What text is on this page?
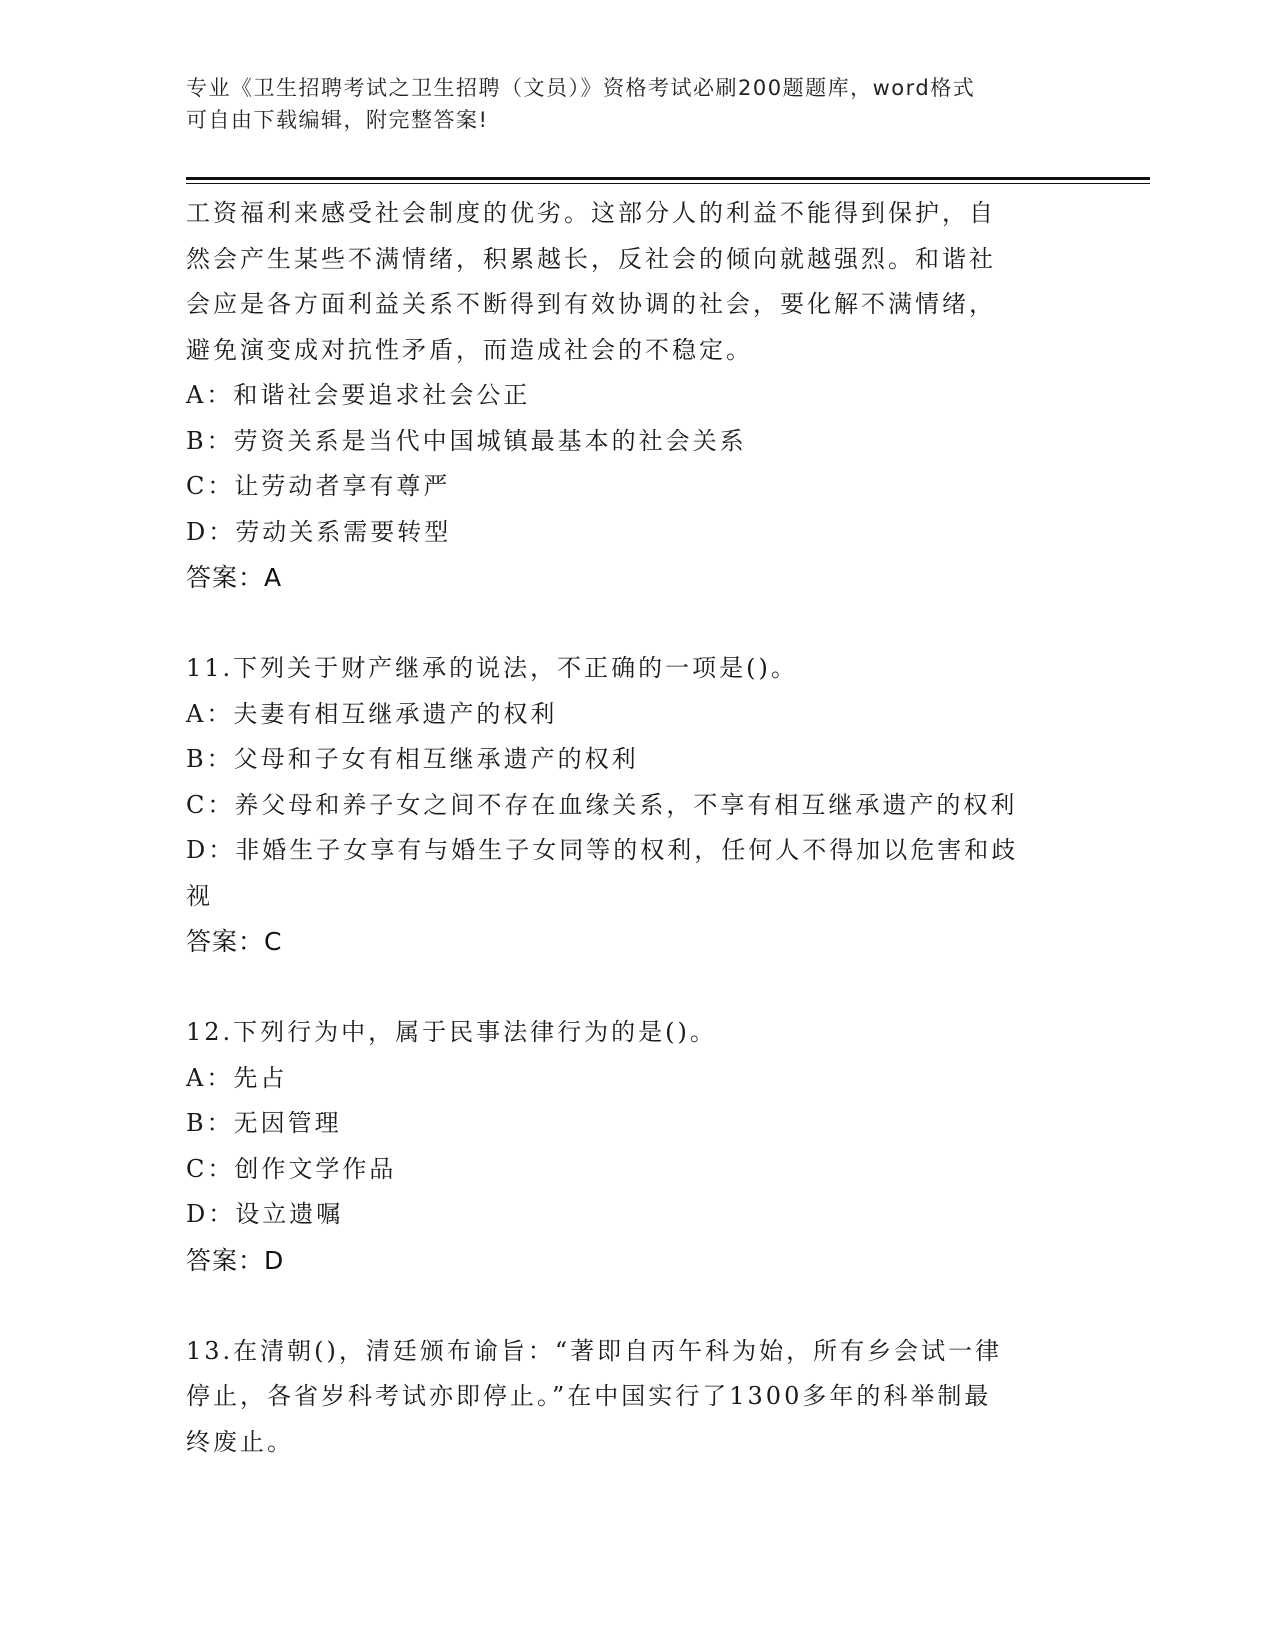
专业《卫生招聘考试之卫生招聘（文员）》资格考试必刷200题题库，word格式
可自由下载编辑，附完整答案!

工资福利来感受社会制度的优劣。这部分人的利益不能得到保护，自

然会产生某些不满情绪，积累越长，反社会的倾向就越强烈。和谐社

会应是各方面利益关系不断得到有效协调的社会，要化解不满情绪，

避免演变成对抗性矛盾，而造成社会的不稳定。

A：和谐社会要追求社会公正

B：劳资关系是当代中国城镇最基本的社会关系

C：让劳动者享有尊严

D：劳动关系需要转型

答案：A

11.下列关于财产继承的说法，不正确的一项是()。

A：夫妻有相互继承遗产的权利

B：父母和子女有相互继承遗产的权利

C：养父母和养子女之间不存在血缘关系，不享有相互继承遗产的权利

D：非婚生子女享有与婚生子女同等的权利，任何人不得加以危害和歧

视

答案：C

12.下列行为中，属于民事法律行为的是()。

A：先占

B：无因管理

C：创作文学作品

D：设立遗嘱

答案：D

13.在清朝()，清廷颁布谕旨：“著即自丙午科为始，所有乡会试一律

停止，各省岁科考试亦即停止。”在中国实行了1300多年的科举制最

终废止。
